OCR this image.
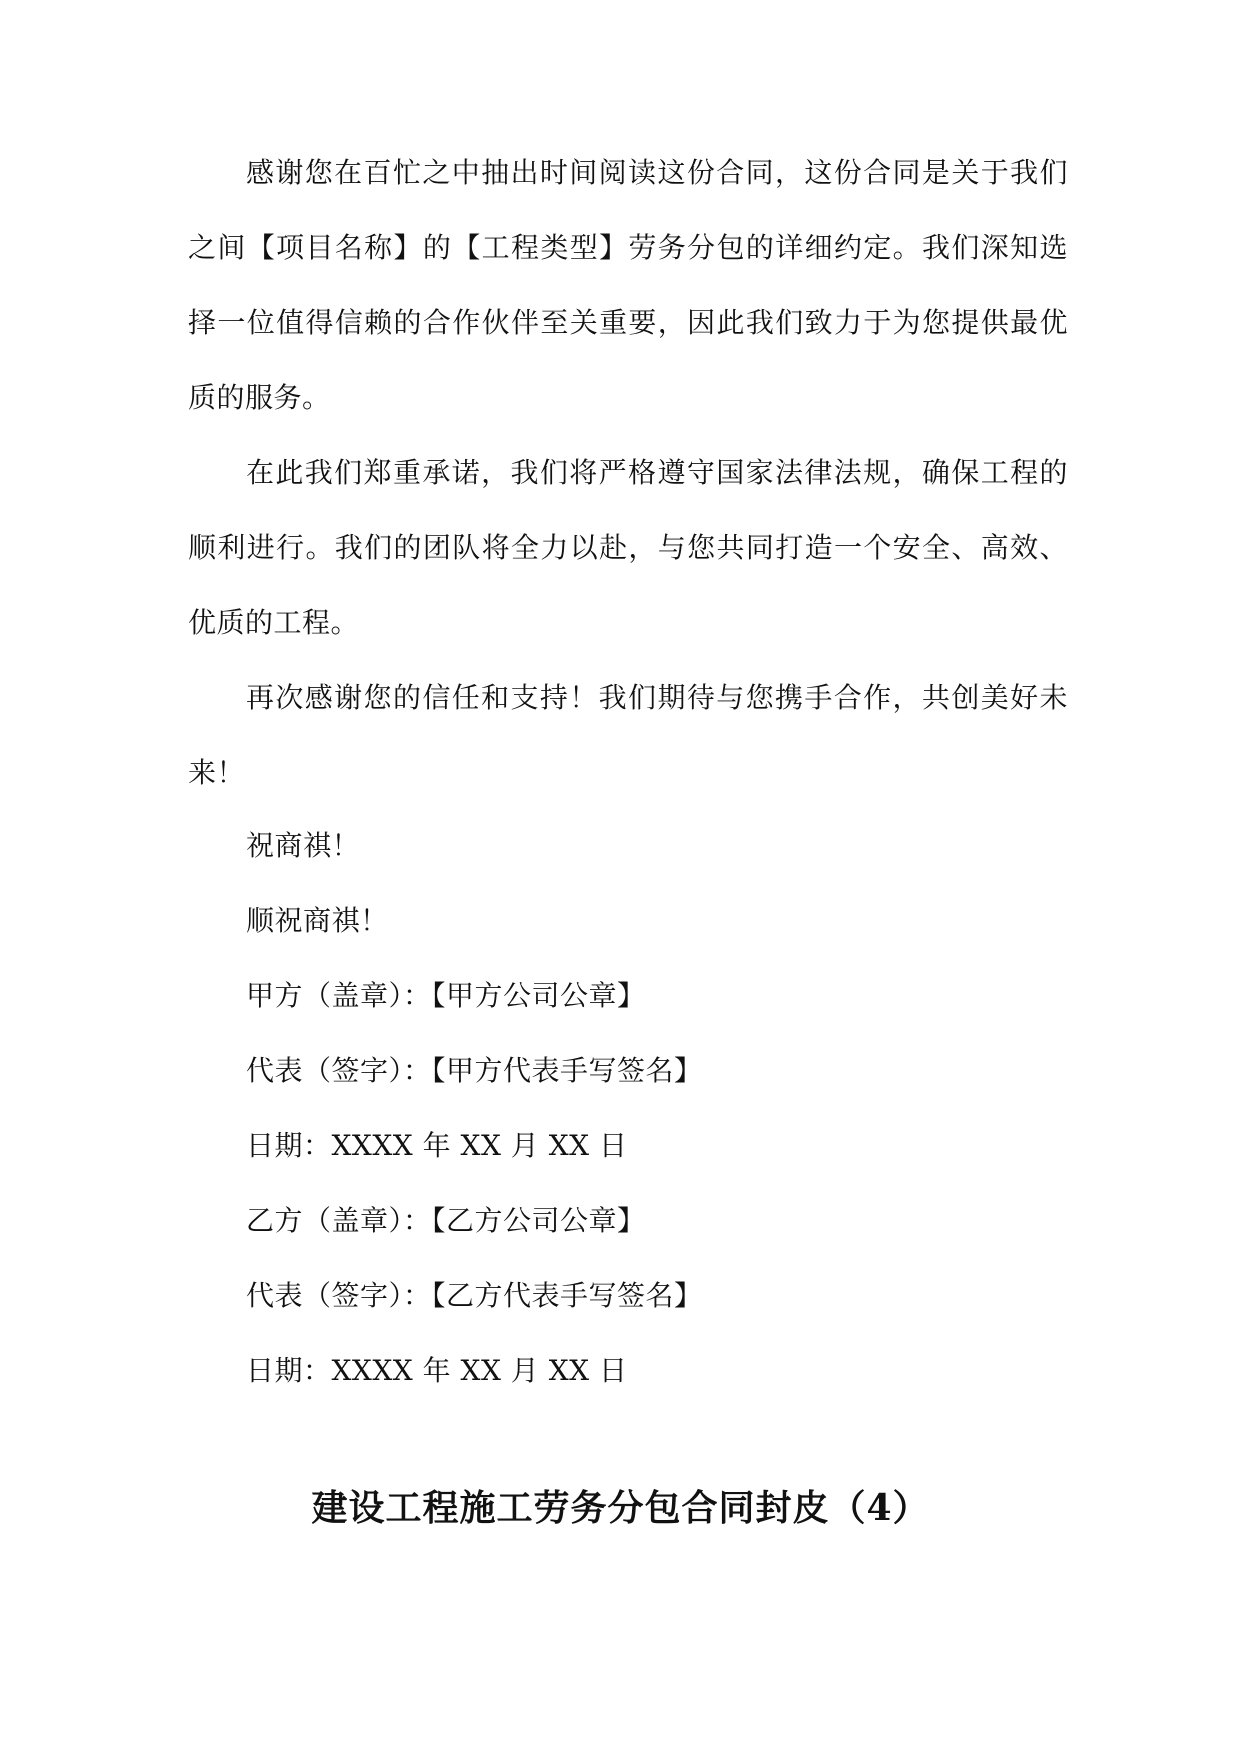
感谢您在百忙之中抽出时间阅读这份合同，这份合同是关于我们之间【项目名称】的【工程类型】劳务分包的详细约定。我们深知选择一位值得信赖的合作伙伴至关重要，因此我们致力于为您提供最优质的服务。

在此我们郑重承诺，我们将严格遵守国家法律法规，确保工程的顺利进行。我们的团队将全力以赴，与您共同打造一个安全、高效、优质的工程。

再次感谢您的信任和支持！我们期待与您携手合作，共创美好未来！

祝商祺！

顺祝商祺！

甲方（盖章）：【甲方公司公章】

代表（签字）：【甲方代表手写签名】

日期：XXXX 年 XX 月 XX 日

乙方（盖章）：【乙方公司公章】

代表（签字）：【乙方代表手写签名】

日期：XXXX 年 XX 月 XX 日

建设工程施工劳务分包合同封皮（4）
